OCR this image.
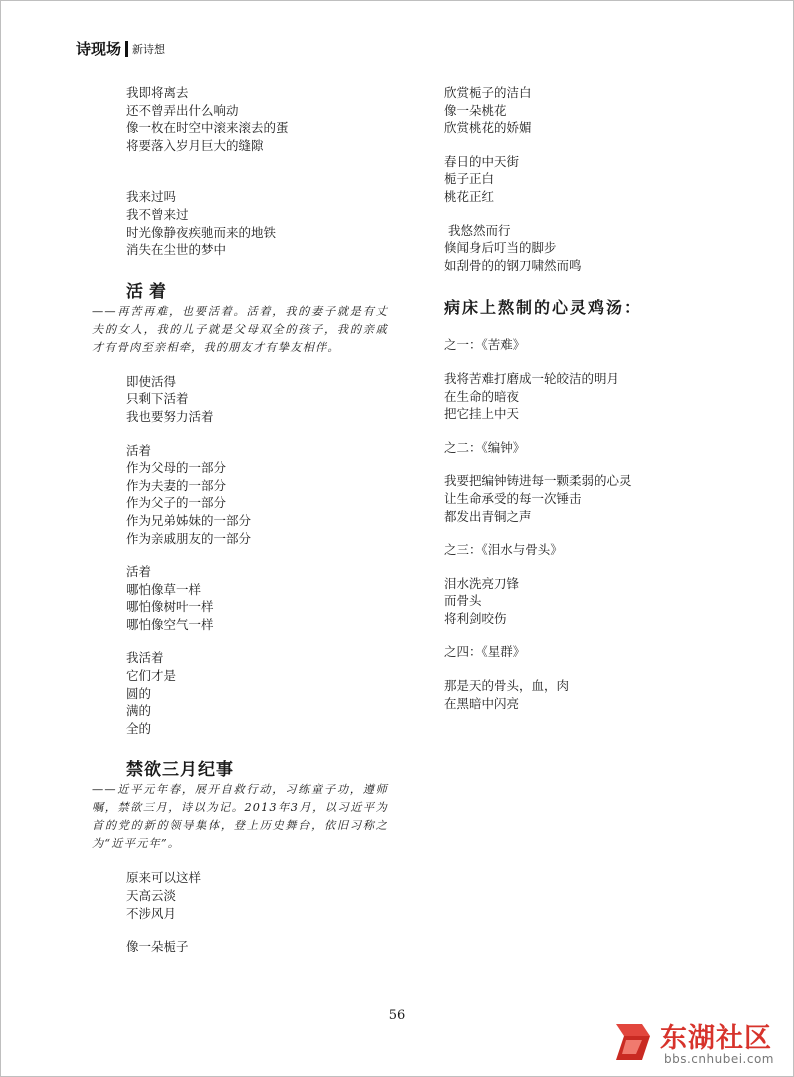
诗现场 新诗想
我即将离去
还不曾弄出什么响动
像一枚在时空中滚来滚去的蛋
将要落入岁月巨大的缝隙
我来过吗
我不曾来过
时光像静夜疾驰而来的地铁
消失在尘世的梦中
活着
——再苦再难，也要活着。活着，我的妻子就是有丈夫的女人，我的儿子就是父母双全的孩子，我的亲戚才有骨肉至亲相牵，我的朋友才有挚友相伴。
即使活得
只剩下活着
我也要努力活着
活着
作为父母的一部分
作为夫妻的一部分
作为父子的一部分
作为兄弟姊妹的一部分
作为亲戚朋友的一部分
活着
哪怕像草一样
哪怕像树叶一样
哪怕像空气一样
我活着
它们才是
圆的
满的
全的
禁欲三月纪事
——近平元年春，展开自救行动，习练童子功，遵师嘱，禁欲三月，诗以为记。2013年3月，以习近平为首的党的新的领导集体，登上历史舞台，依旧习称之为“近平元年”。
原来可以这样
天高云淡
不涉风月
像一朵栀子
欣赏栀子的洁白
像一朵桃花
欣赏桃花的娇媚
春日的中天街
栀子正白
桃花正红
我悠然而行
倏闻身后叮当的脚步
如刮骨的的钢刀啸然而鸣
病床上熬制的心灵鸡汤：
之一：《苦难》
我将苦难打磨成一轮皎洁的明月
在生命的暗夜
把它挂上中天
之二：《编钟》
我要把编钟铸进每一颗柔弱的心灵
让生命承受的每一次锤击
都发出青铜之声
之三：《泪水与骨头》
泪水洗亮刀锋
而骨头
将利剑咬伤
之四：《星群》
那是天的骨头，血，肉
在黑暗中闪亮
56
东湖社区
bbs.cnhubei.com
